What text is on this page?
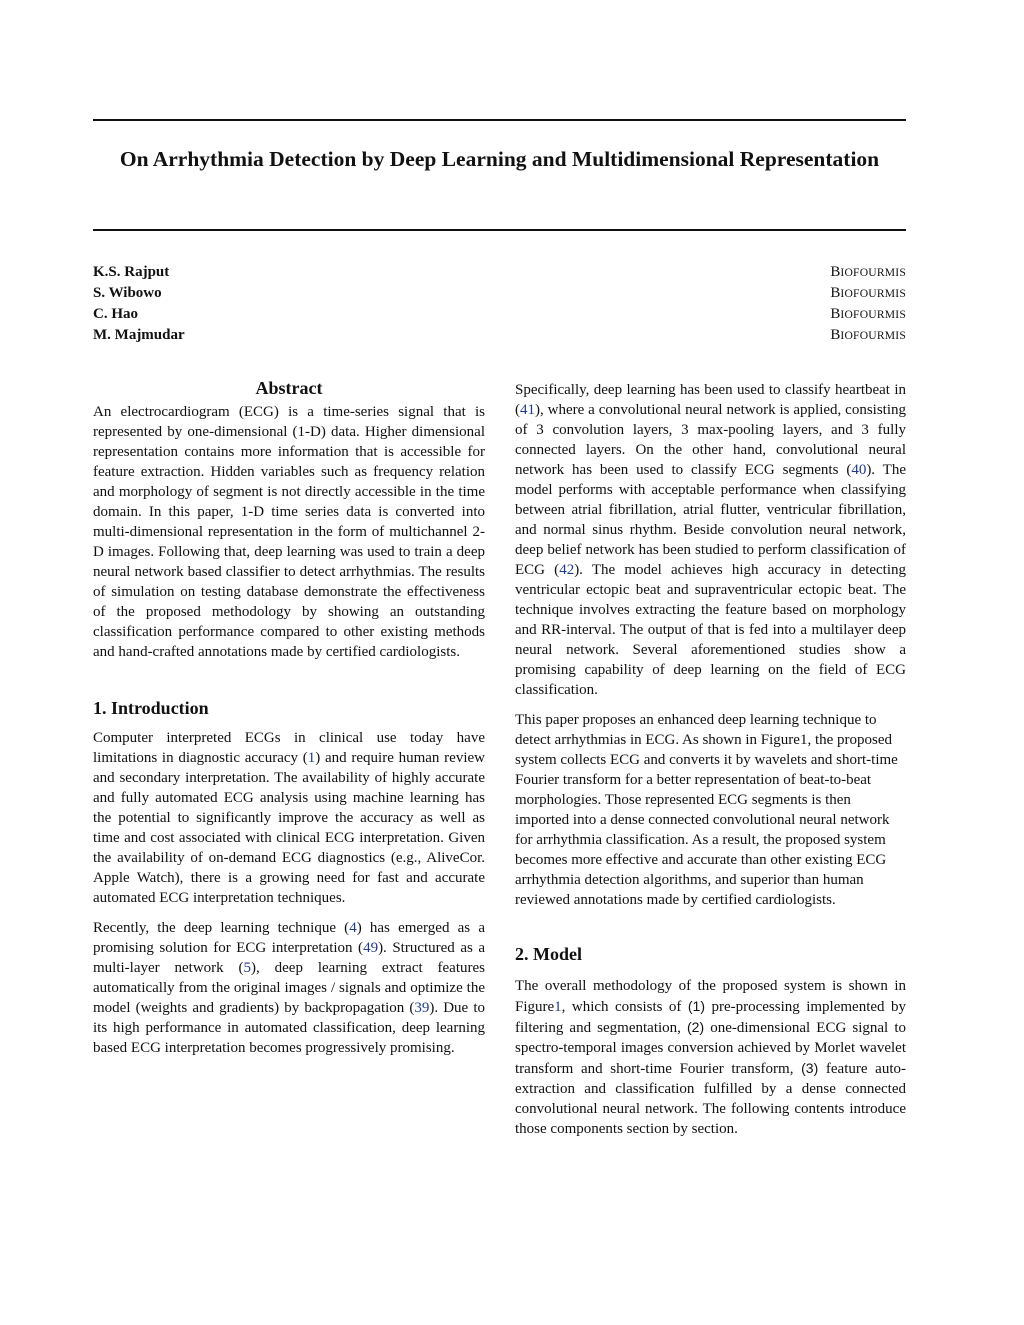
On Arrhythmia Detection by Deep Learning and Multidimensional Representation
K.S. Rajput	BIOFOURMIS
S. Wibowo	BIOFOURMIS
C. Hao	BIOFOURMIS
M. Majmudar	BIOFOURMIS
Abstract

An electrocardiogram (ECG) is a time-series signal that is represented by one-dimensional (1-D) data. Higher dimensional representation contains more information that is accessible for feature extraction. Hidden variables such as frequency relation and morphology of segment is not directly accessible in the time domain. In this paper, 1-D time series data is converted into multi-dimensional representation in the form of multichannel 2-D images. Following that, deep learning was used to train a deep neural network based classifier to detect arrhythmias. The results of simulation on testing database demonstrate the effectiveness of the proposed methodology by showing an outstanding classification performance compared to other existing methods and hand-crafted annotations made by certified cardiologists.

1. Introduction

Computer interpreted ECGs in clinical use today have limitations in diagnostic accuracy (1) and require human review and secondary interpretation. The availability of highly accurate and fully automated ECG analysis using machine learning has the potential to significantly improve the accuracy as well as time and cost associated with clinical ECG interpretation. Given the availability of on-demand ECG diagnostics (e.g., AliveCor. Apple Watch), there is a growing need for fast and accurate automated ECG interpretation techniques.

Recently, the deep learning technique (4) has emerged as a promising solution for ECG interpretation (49). Structured as a multi-layer network (5), deep learning extract features automatically from the original images / signals and optimize the model (weights and gradients) by backpropagation (39). Due to its high performance in automated classification, deep learning based ECG interpretation becomes progressively promising.

Specifically, deep learning has been used to classify heartbeat in (41), where a convolutional neural network is applied, consisting of 3 convolution layers, 3 max-pooling layers, and 3 fully connected layers. On the other hand, convolutional neural network has been used to classify ECG segments (40). The model performs with acceptable performance when classifying between atrial fibrillation, atrial flutter, ventricular fibrillation, and normal sinus rhythm. Beside convolution neural network, deep belief network has been studied to perform classification of ECG (42). The model achieves high accuracy in detecting ventricular ectopic beat and supraventricular ectopic beat. The technique involves extracting the feature based on morphology and RR-interval. The output of that is fed into a multilayer deep neural network. Several aforementioned studies show a promising capability of deep learning on the field of ECG classification.

This paper proposes an enhanced deep learning technique to detect arrhythmias in ECG. As shown in Figure1, the proposed system collects ECG and converts it by wavelets and short-time Fourier transform for a better representation of beat-to-beat morphologies. Those represented ECG segments is then imported into a dense connected convolutional neural network for arrhythmia classification. As a result, the proposed system becomes more effective and accurate than other existing ECG arrhythmia detection algorithms, and superior than human reviewed annotations made by certified cardiologists.

2. Model

The overall methodology of the proposed system is shown in Figure1, which consists of (1) pre-processing implemented by filtering and segmentation, (2) one-dimensional ECG signal to spectro-temporal images conversion achieved by Morlet wavelet transform and short-time Fourier transform, (3) feature auto-extraction and classification fulfilled by a dense connected convolutional neural network. The following contents introduce those components section by section.
